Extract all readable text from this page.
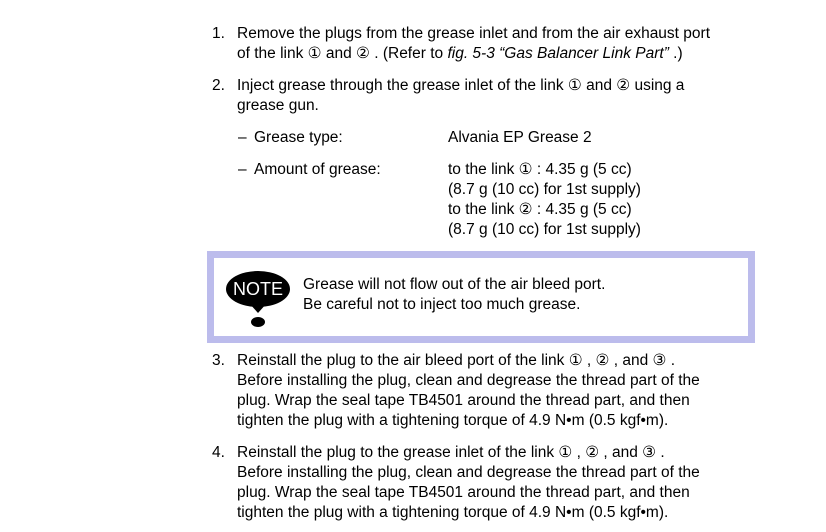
1. Remove the plugs from the grease inlet and from the air exhaust port
of the link ① and ② . (Refer to fig. 5-3 “Gas Balancer Link Part” .)
2. Inject grease through the grease inlet of the link ① and ② using a
grease gun.
– Grease type:	Alvania EP Grease 2
– Amount of grease:	to the link ① : 4.35 g (5 cc)
(8.7 g (10 cc) for 1st supply)
to the link ② : 4.35 g (5 cc)
(8.7 g (10 cc) for 1st supply)
NOTE Grease will not flow out of the air bleed port.
Be careful not to inject too much grease.
3. Reinstall the plug to the air bleed port of the link ① , ② , and ③ .
Before installing the plug, clean and degrease the thread part of the
plug. Wrap the seal tape TB4501 around the thread part, and then
tighten the plug with a tightening torque of 4.9 N•m (0.5 kgf•m).
4. Reinstall the plug to the grease inlet of the link ① , ② , and ③ .
Before installing the plug, clean and degrease the thread part of the
plug. Wrap the seal tape TB4501 around the thread part, and then
tighten the plug with a tightening torque of 4.9 N•m (0.5 kgf•m).
